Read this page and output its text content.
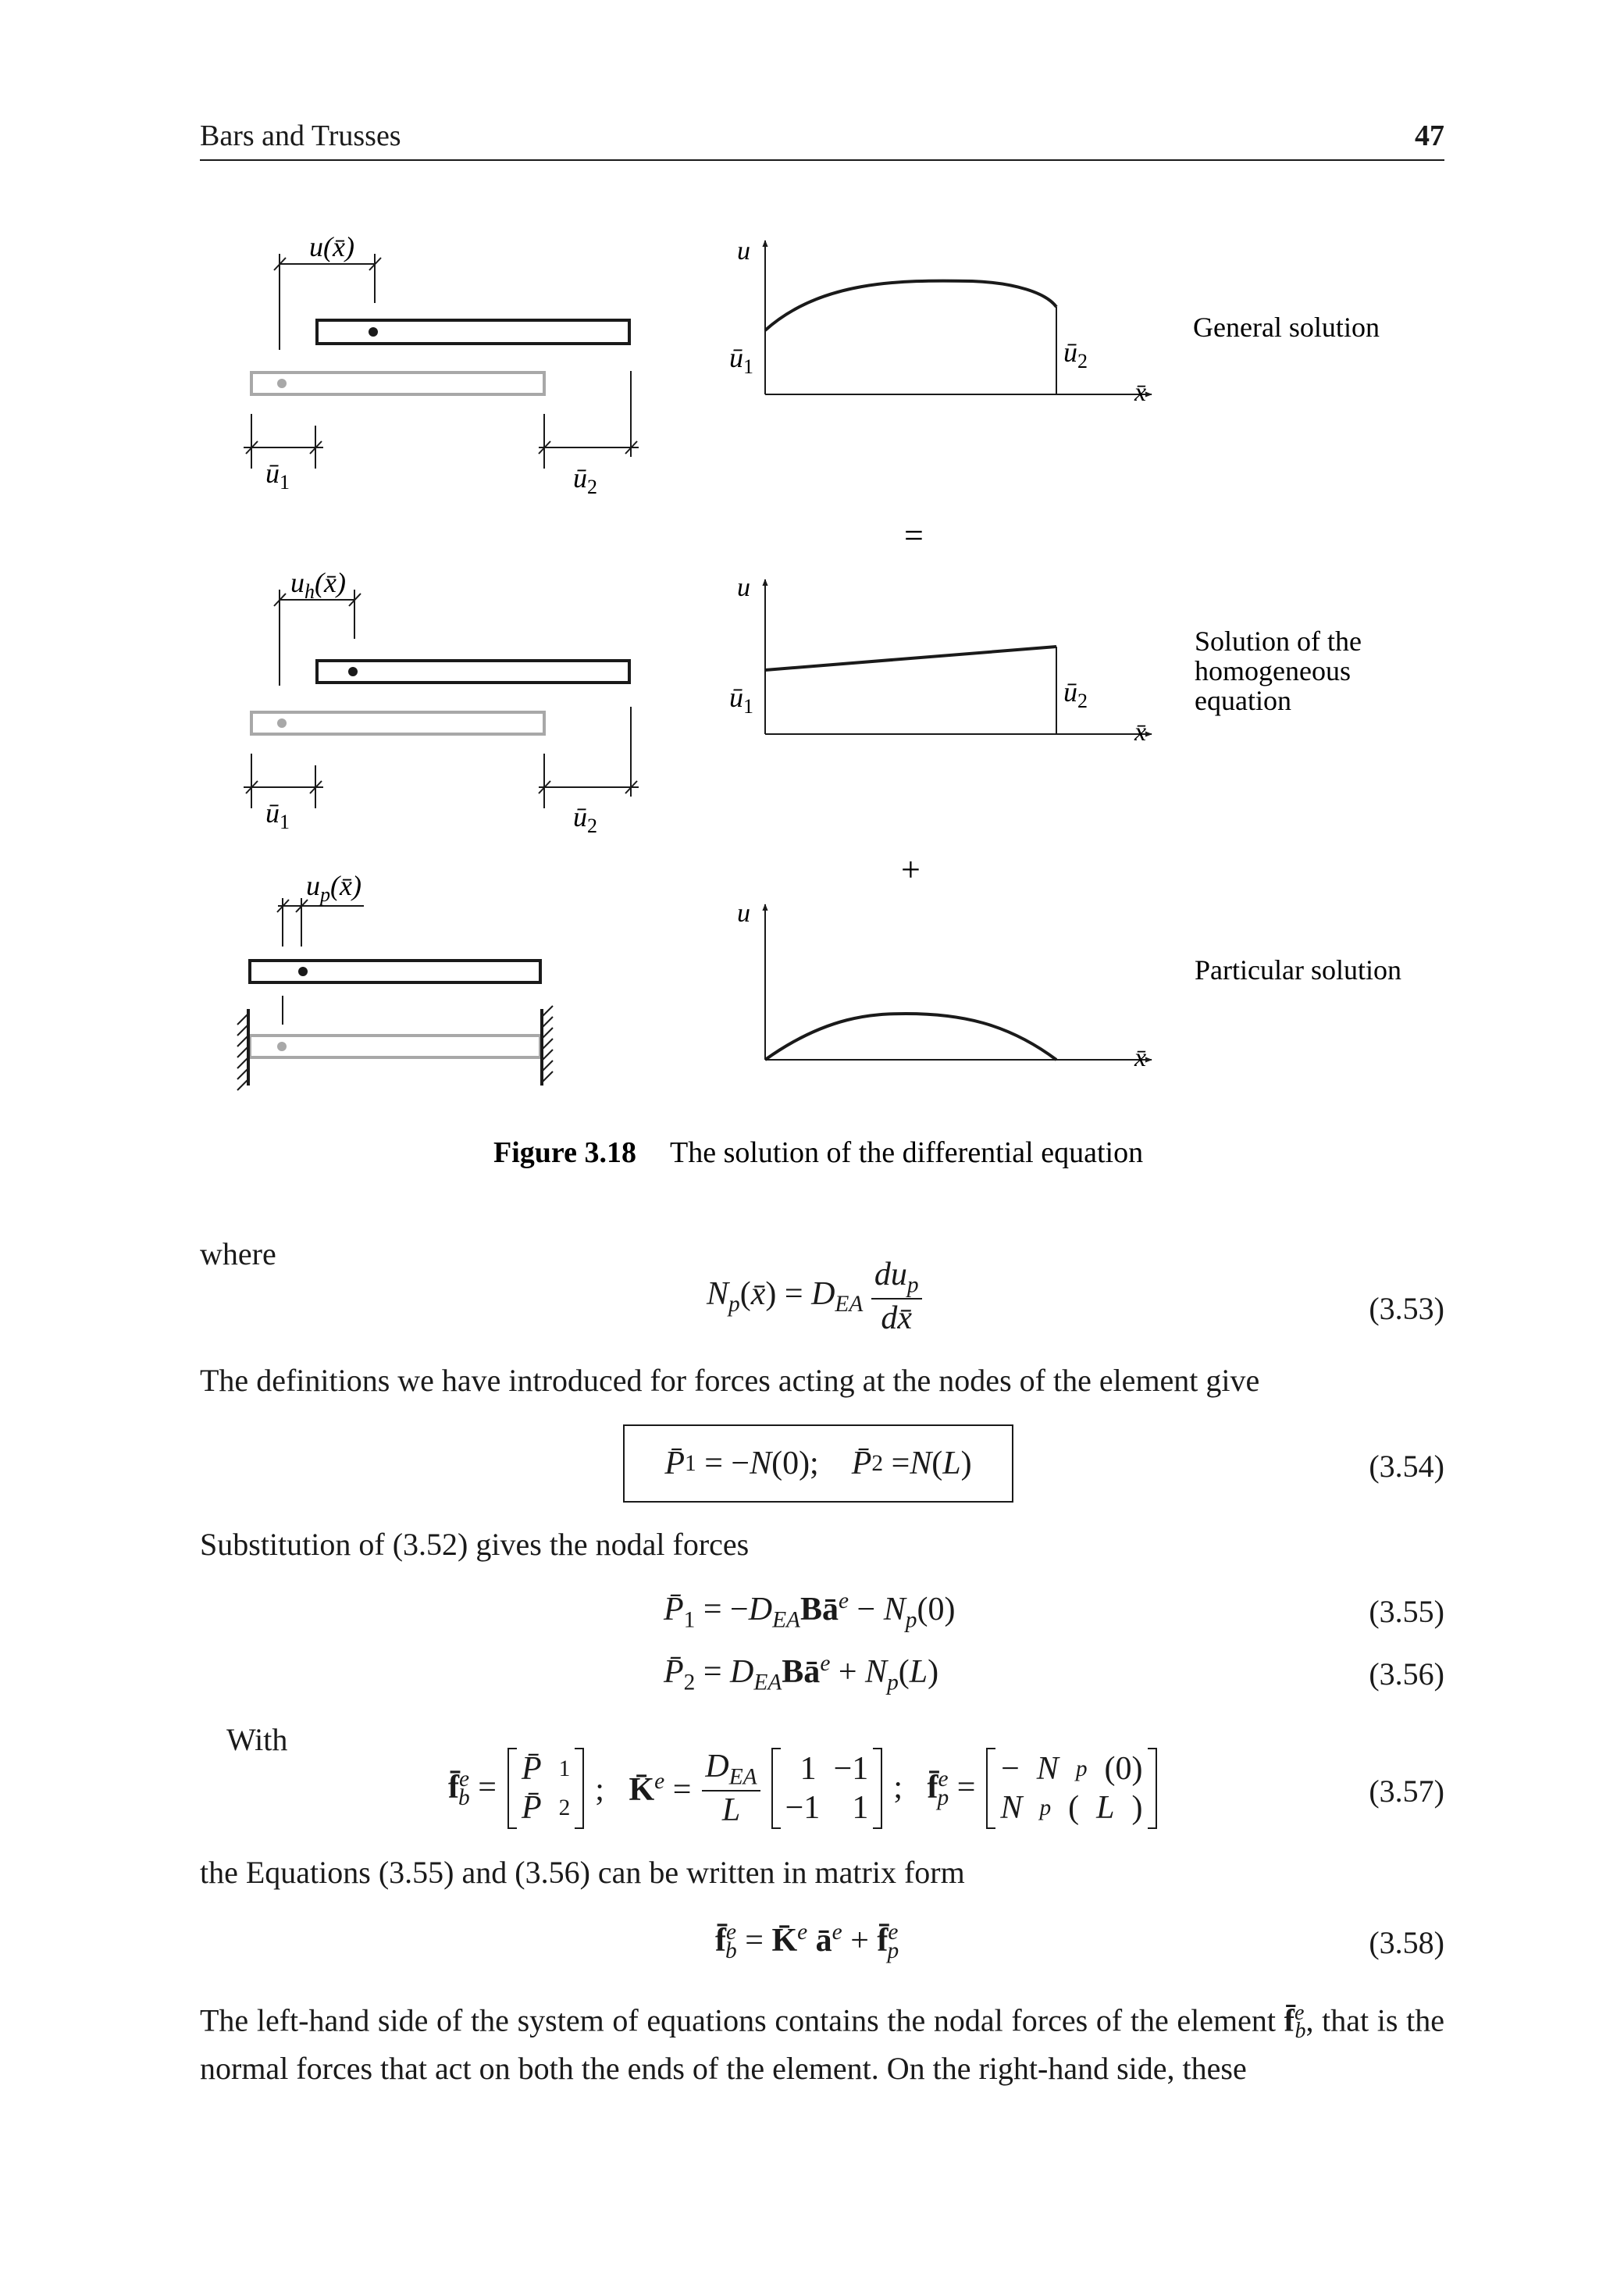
Bars and Trusses	47
u(x̄)
$ū_1$	$ū_2$
u
x̄
$ū_1$	$ū_2$
General solution
=
$u_h(x̄)$
$ū_1$	$ū_2$
u
x̄
$ū_1$	$ū_2$
Solution of the
homogeneous
equation
+
$u_p(x̄)$
u
x̄
Particular solution
Figure 3.18 The solution of the differential equation
where
$N_p(x̄) = D_{EA} \frac{du_p}{dx̄}$	(3.53)
The definitions we have introduced for forces acting at the nodes of the element give
P̄ 1 = − N (0); P̄ 2 = N ( L )	(3.54)
Substitution of (3.52) gives the nodal forces
$P̄_1$ = $-D_{EA}Bā^e - N_p(0)$	(3.55)
$P̄_2$ = $D_{EA}Bā^e + N_p(L)$	(3.56)
With
f̄$^e_b$ =
P̄ 1
P̄ 2
;   K̄$^e$ = $\frac{D_{EA}}{L}$	1 −1
−1 1
;   f̄$^e_p$ =
− N p (0)
N p ( L )	(3.57)
the Equations (3.55) and (3.56) can be written in matrix form
f̄$^e_b$ = K̄$^e$ $ā^e$ + f̄$^e_p$	(3.58)
The left-hand side of the system of equations contains the nodal forces of the element f̄$^e_b$, that is the normal forces that act on both the ends of the element. On the right-hand side, these
